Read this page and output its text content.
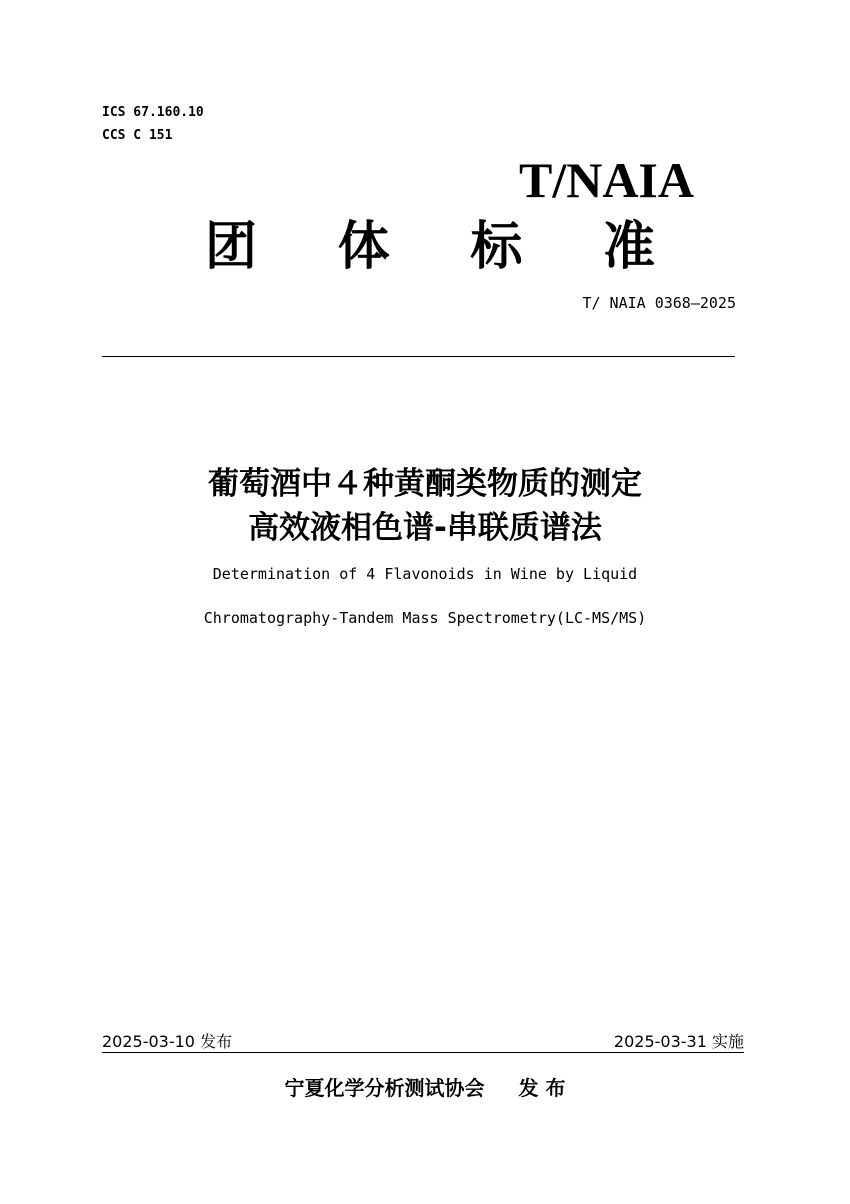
ICS 67.160.10
CCS C 151
T/NAIA
团 体 标 准
T/ NAIA 0368—2025
葡萄酒中４种黄酮类物质的测定
高效液相色谱-串联质谱法
Determination of 4 Flavonoids in Wine by Liquid
Chromatography-Tandem Mass Spectrometry(LC-MS/MS)
2025-03-10 发布	2025-03-31 实施
宁夏化学分析测试协会 发 布
